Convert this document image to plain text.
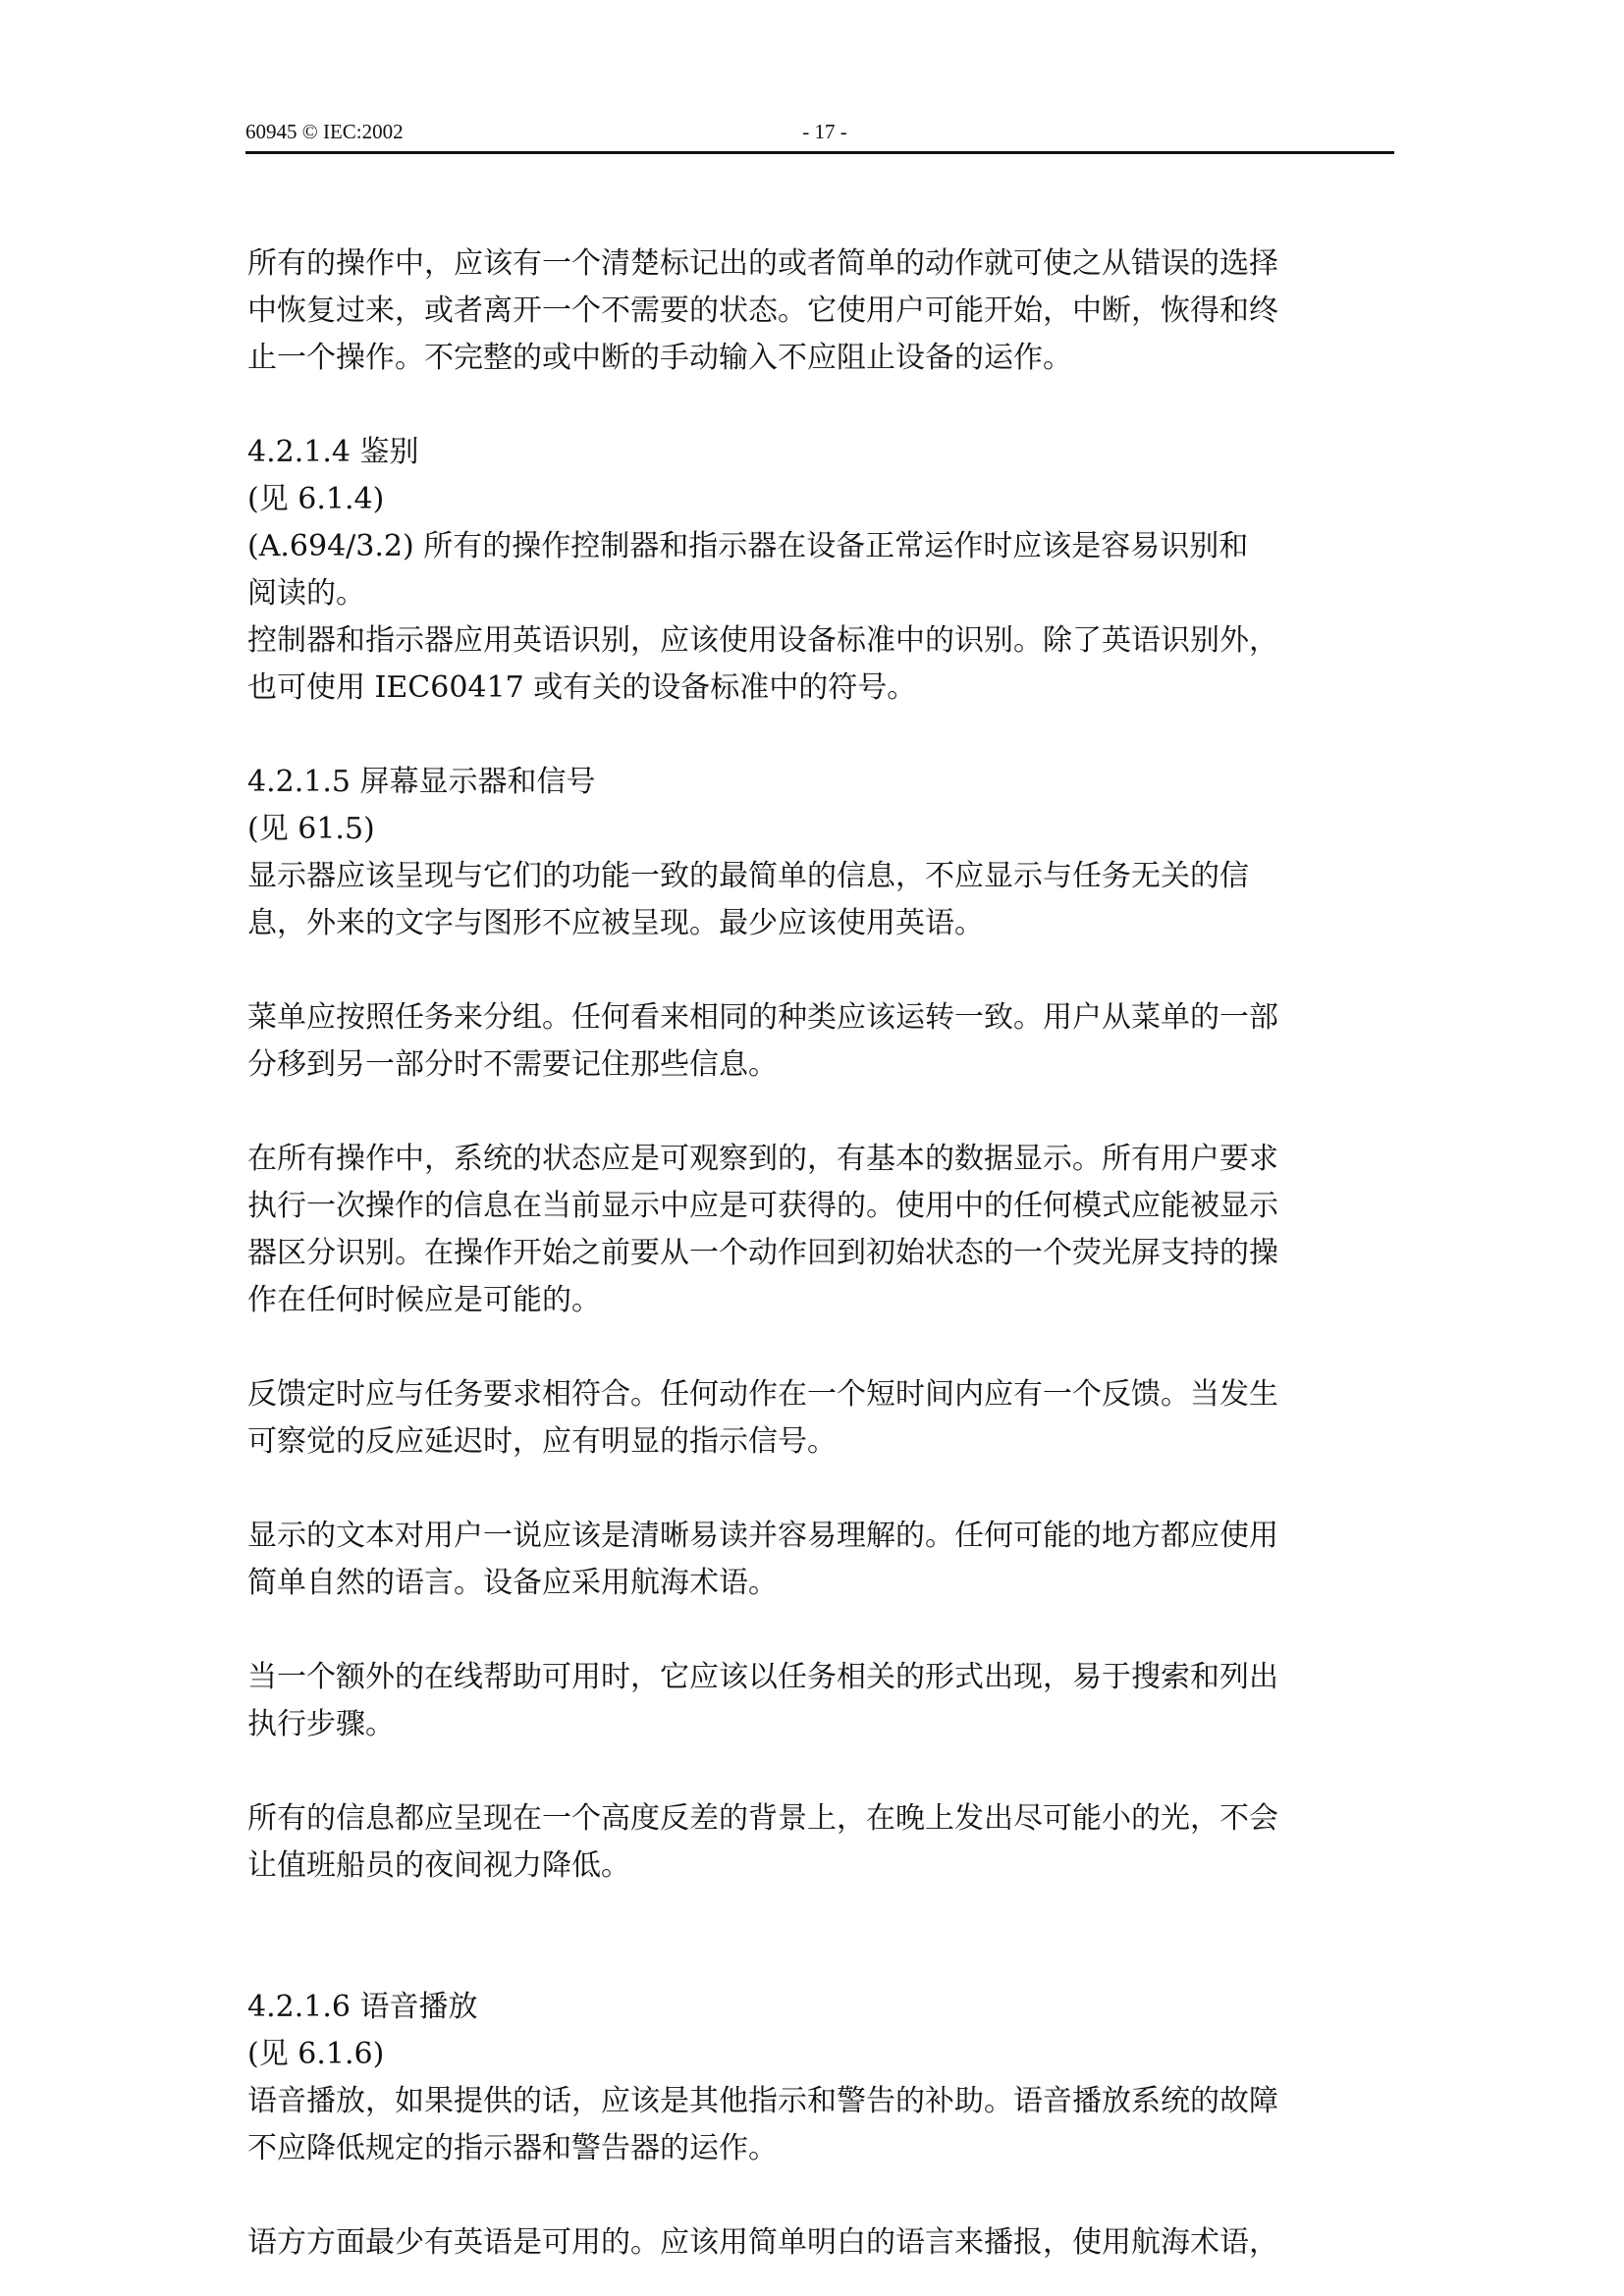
60945 © IEC:2002	- 17 -
所有的操作中，应该有一个清楚标记出的或者简单的动作就可使之从错误的选择
中恢复过来，或者离开一个不需要的状态。它使用户可能开始，中断，恢得和终
止一个操作。不完整的或中断的手动输入不应阻止设备的运作。
4.2.1.4 鉴别
(见 6.1.4)
(A.694/3.2) 所有的操作控制器和指示器在设备正常运作时应该是容易识别和
阅读的。
控制器和指示器应用英语识别，应该使用设备标准中的识别。除了英语识别外，
也可使用 IEC60417 或有关的设备标准中的符号。
4.2.1.5 屏幕显示器和信号
(见 61.5)
显示器应该呈现与它们的功能一致的最简单的信息，不应显示与任务无关的信
息，外来的文字与图形不应被呈现。最少应该使用英语。
菜单应按照任务来分组。任何看来相同的种类应该运转一致。用户从菜单的一部
分移到另一部分时不需要记住那些信息。
在所有操作中，系统的状态应是可观察到的，有基本的数据显示。所有用户要求
执行一次操作的信息在当前显示中应是可获得的。使用中的任何模式应能被显示
器区分识别。在操作开始之前要从一个动作回到初始状态的一个荧光屏支持的操
作在任何时候应是可能的。
反馈定时应与任务要求相符合。任何动作在一个短时间内应有一个反馈。当发生
可察觉的反应延迟时，应有明显的指示信号。
显示的文本对用户一说应该是清晰易读并容易理解的。任何可能的地方都应使用
简单自然的语言。设备应采用航海术语。
当一个额外的在线帮助可用时，它应该以任务相关的形式出现，易于搜索和列出
执行步骤。
所有的信息都应呈现在一个高度反差的背景上，在晚上发出尽可能小的光，不会
让值班船员的夜间视力降低。
4.2.1.6 语音播放
(见 6.1.6)
语音播放，如果提供的话，应该是其他指示和警告的补助。语音播放系统的故障
不应降低规定的指示器和警告器的运作。
语方方面最少有英语是可用的。应该用简单明白的语言来播报，使用航海术语，
